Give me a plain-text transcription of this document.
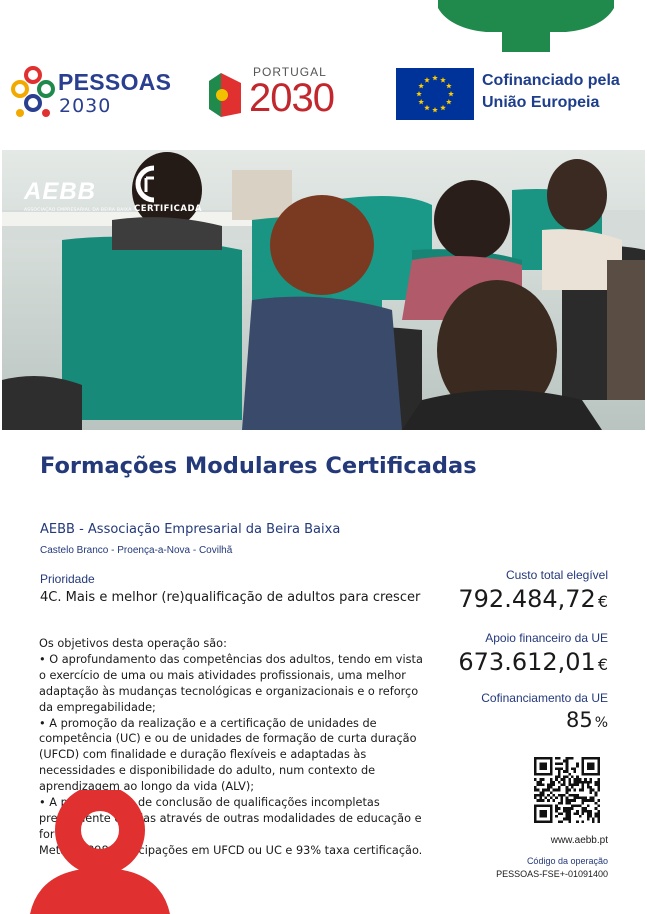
PESSOAS
2030
PORTUGAL
2030	Cofinanciado pela
União Europeia
AEBB
ASSOCIAÇÃO EMPRESARIAL DA BEIRA BAIXA CERTIFICADA
Formações Modulares Certificadas
AEBB - Associação Empresarial da Beira Baixa
Castelo Branco - Proença-a-Nova - Covilhã
Prioridade
4C. Mais e melhor (re)qualificação de adultos para crescer

Os objetivos desta operação são:

• O aprofundamento das competências dos adultos, tendo em vista o exercício de uma ou mais atividades profissionais, uma melhor adaptação às mudanças tecnológicas e organizacionais e o reforço da empregabilidade;

• A promoção da realização e a certificação de unidades de competência (UC) e ou de unidades de formação de curta duração (UFCD) com finalidade e duração flexíveis e adaptadas às necessidades e disponibilidade do adulto, num contexto de aprendizagem ao longo da vida (ALV);

• A possibilidade de conclusão de qualificações incompletas previamente obtidas através de outras modalidades de educação e for

Meta – 2898 participações em UFCD ou UC e 93% taxa certificação.

Custo total elegível
792.484,72 €
Apoio financeiro da UE
673.612,01 €
Cofinanciamento da UE
85 %
www.aebb.pt
Código da operação
PESSOAS-FSE+-01091400
